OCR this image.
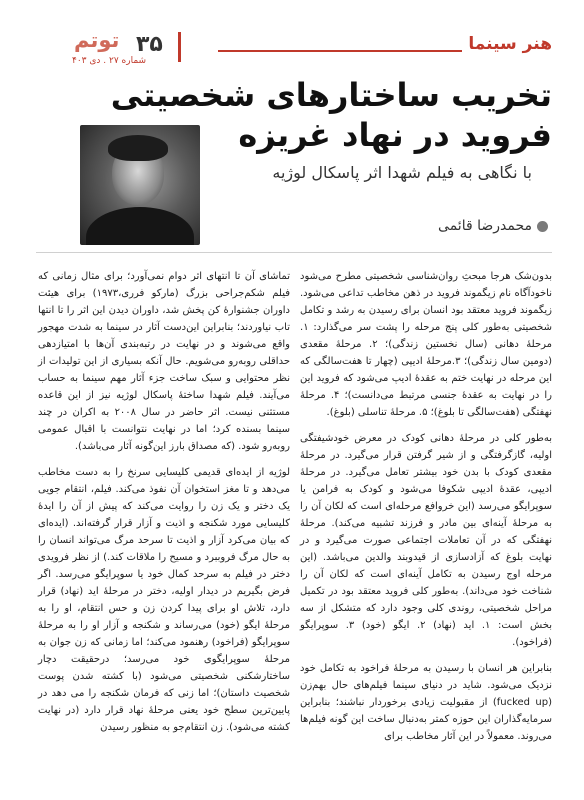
هنر سینما
۳۵
توتم
شماره ۲۷ . دی ۴۰۳
تخریب ساختارهای شخصیتی
فروید در نهاد غریزه
با نگاهی به فیلم شهدا اثر پاسکال لوژیه
محمدرضا قائمی

بدون‌شک هرجا مبحثِ روان‌شناسی شخصیتی مطرح می‌شود ناخودآگاه نام زیگموند فروید در ذهن مخاطب تداعی می‌شود. زیگموند فروید معتقد بود انسان برای رسیدن به رشد و تکامل شخصیتی به‌طور کلی پنج مرحله را پشت سر می‌گذارد: ۱. مرحلهٔ دهانی (سال نخستین زندگی)؛ ۲. مرحلهٔ مقعدی (دومین سال زندگی)؛ ۳.مرحلهٔ ادیپی (چهار تا هفت‌سالگی که این مرحله در نهایت ختم به عقدهٔ ادیپ می‌شود که فروید این را در نهایت به عقدهٔ جنسی مرتبط می‌دانست)؛ ۴. مرحلهٔ نهفتگی (هفت‌سالگی تا بلوغ)؛ ۵. مرحلهٔ تناسلی (بلوغ).

به‌طور کلی در مرحلهٔ دهانی کودک در معرض خودشیفتگی اولیه، گازگرفتگی و از شیر گرفتن قرار می‌گیرد. در مرحلهٔ مقعدی کودک با بدن خود بیشتر تعامل می‌گیرد. در مرحلهٔ ادیپی، عقدهٔ ادیپی شکوفا می‌شود و کودک به فرامن یا سوپرایگو می‌رسد (این خروافع مرحله‌ای است که لکان آن را به مرحلهٔ آینه‌ای بین مادر و فرزند تشبیه می‌کند). مرحلهٔ نهفتگی که در آن تعاملات اجتماعی صورت می‌گیرد و در نهایت بلوغ که آزادسازی از قیدوبند والدین می‌باشد. (این مرحله اوج رسیدن به تکامل آینه‌ای است که لکان آن را شناخت خود می‌داند). به‌طور کلی فروید معتقد بود در تکمیل مراحل شخصیتی، روندی کلی وجود دارد که متشکل از سه بخش است: ۱. اید (نهاد) ۲. ایگو (خود) ۳. سوپرایگو (فراخود).

بنابراین هر انسان با رسیدن به مرحلهٔ فراخود به تکامل خود نزدیک می‌شود. شاید در دنیای سینما فیلم‌های حال بهم‌زن (fucked up) از مقبولیت زیادی برخوردار نباشند؛ بنابراین سرمایه‌گذاران این حوزه کمتر به‌دنبال ساخت این گونه فیلم‌ها می‌روند. معمولاً در این آثار مخاطب برای

تماشای آن تا انتهای اثر دوام نمی‌آورد؛ برای مثال زمانی که فیلم شکم‌جراحی بزرگ (مارکو فرری،۱۹۷۳) برای هیئت داوران جشنوارهٔ کن پخش شد، داوران دیدن این اثر را تا انتها تاب نیاوردند؛ بنابراین این‌دست آثار در سینما به شدت مهجور واقع می‌شوند و در نهایت در رتبه‌بندی آن‌ها با امتیازدهی حداقلی روبه‌رو می‌شویم. حال آنکه بسیاری از این تولیدات از نظر محتوایی و سبک ساخت جزء آثار مهم سینما به حساب می‌آیند. فیلم شهدا ساختهٔ پاسکال لوژیه نیز از این قاعده مستثنی نیست. اثر حاضر در سال ۲۰۰۸ به اکران در چند سینما بسنده کرد؛ اما در نهایت نتوانست با اقبال عمومی روبه‌رو شود. (که مصداق بارز این‌گونه آثار می‌باشد).

لوژیه از ایده‌ای قدیمی کلیسایی سرنخ را به دست مخاطب می‌دهد و تا مغز استخوان آن نفوذ می‌کند. فیلم، انتقام جویی یک دختر و یک زن را روایت می‌کند که پیش از آن را ایدهٔ کلیسایی مورد شکنجه و اذیت و آزار قرار گرفته‌اند. (ایده‌ای که بیان می‌کرد آزار و اذیت تا سرحد مرگ می‌تواند انسان را به حال مرگ فروببرد و مسیح را ملاقات کند.) از نظر فرویدی دختر در فیلم به سرحد کمال خود یا سوپرایگو می‌رسد. اگر فرض بگیریم در دیدار اولیه، دختر در مرحلهٔ اید (نهاد) قرار دارد، تلاش او برای پیدا کردن زن و حس انتقام، او را به مرحلهٔ ایگو (خود) می‌رساند و شکنجه و آزار او را به مرحلهٔ سوپرایگو (فراخود) رهنمود می‌کند؛ اما زمانی که زن جوان به مرحلهٔ سوپرایگوی خود می‌رسد؛ درحقیقت دچار ساختارشکنی شخصیتی می‌شود (با کشته شدن پوست شخصیت داستان)؛ اما زنی که فرمان شکنجه را می دهد در پایین‌ترین سطح خود یعنی مرحلهٔ نهاد قرار دارد (در نهایت کشته می‌شود). زن انتقام‌جو به منظور رسیدن
